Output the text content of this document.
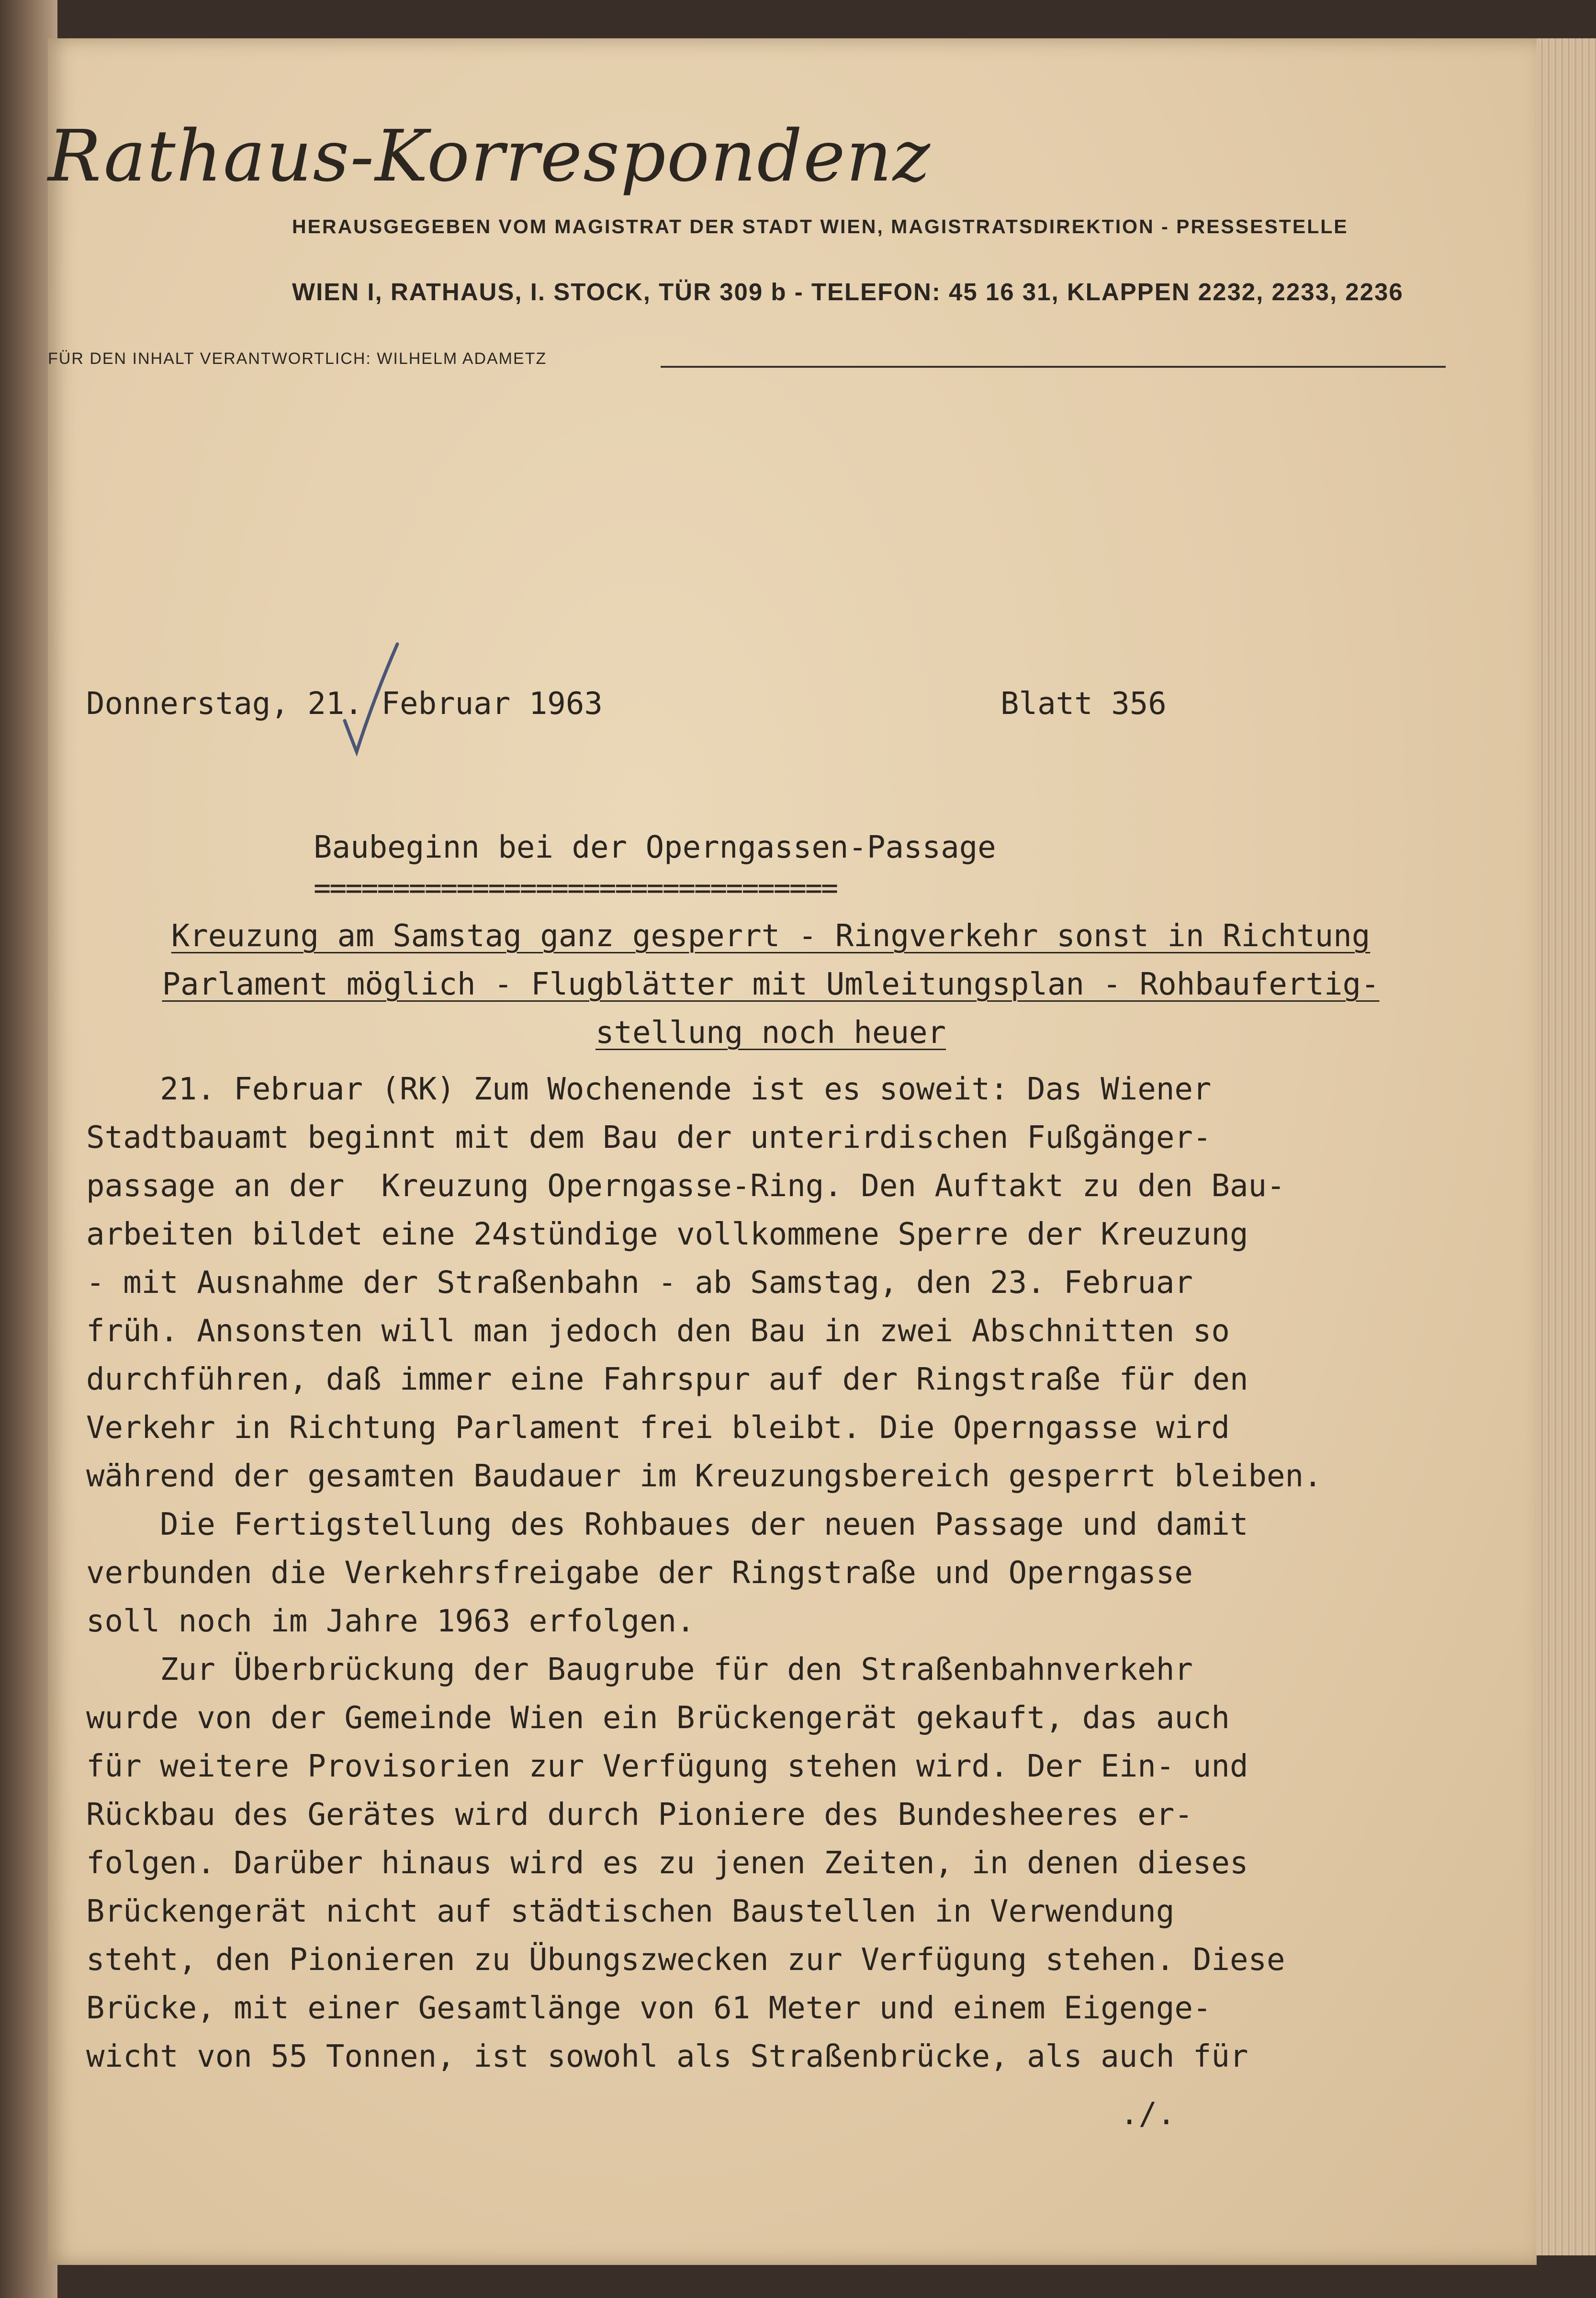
Rathaus-Korrespondenz
HERAUSGEGEBEN VOM MAGISTRAT DER STADT WIEN, MAGISTRATSDIREKTION - PRESSESTELLE
WIEN I, RATHAUS, I. STOCK, TÜR 309 b - TELEFON: 45 16 31, KLAPPEN 2232, 2233, 2236
FÜR DEN INHALT VERANTWORTLICH: WILHELM ADAMETZ
Donnerstag, 21. Februar 1963	Blatt 356
Baubeginn bei der Operngassen-Passage
=================================
Kreuzung am Samstag ganz gesperrt - Ringverkehr sonst in Richtung
Parlament möglich - Flugblätter mit Umleitungsplan - Rohbaufertig-
stellung noch heuer
21. Februar (RK) Zum Wochenende ist es soweit: Das Wiener
Stadtbauamt beginnt mit dem Bau der unterirdischen Fußgänger-
passage an der  Kreuzung Operngasse-Ring. Den Auftakt zu den Bau-
arbeiten bildet eine 24stündige vollkommene Sperre der Kreuzung
- mit Ausnahme der Straßenbahn - ab Samstag, den 23. Februar
früh. Ansonsten will man jedoch den Bau in zwei Abschnitten so
durchführen, daß immer eine Fahrspur auf der Ringstraße für den
Verkehr in Richtung Parlament frei bleibt. Die Operngasse wird
während der gesamten Baudauer im Kreuzungsbereich gesperrt bleiben.
Die Fertigstellung des Rohbaues der neuen Passage und damit
verbunden die Verkehrsfreigabe der Ringstraße und Operngasse
soll noch im Jahre 1963 erfolgen.
Zur Überbrückung der Baugrube für den Straßenbahnverkehr
wurde von der Gemeinde Wien ein Brückengerät gekauft, das auch
für weitere Provisorien zur Verfügung stehen wird. Der Ein- und
Rückbau des Gerätes wird durch Pioniere des Bundesheeres er-
folgen. Darüber hinaus wird es zu jenen Zeiten, in denen dieses
Brückengerät nicht auf städtischen Baustellen in Verwendung
steht, den Pionieren zu Übungszwecken zur Verfügung stehen. Diese
Brücke, mit einer Gesamtlänge von 61 Meter und einem Eigenge-
wicht von 55 Tonnen, ist sowohl als Straßenbrücke, als auch für
./.
